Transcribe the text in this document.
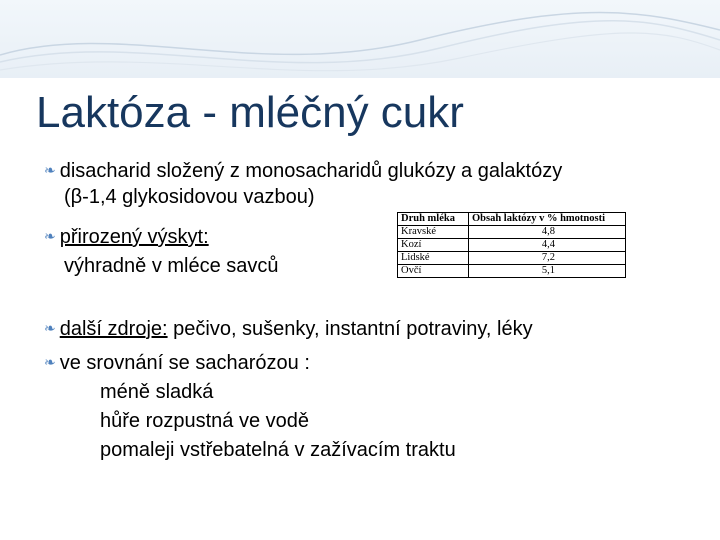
Laktóza - mléčný cukr
❧ disacharid složený z monosacharidů glukózy a galaktózy
(β-1,4 glykosidovou vazbou)
❧ přirozený výskyt:
výhradně v mléce savců
Druh mléka	Obsah laktózy v % hmotnosti
Kravské	4,8
Kozí	4,4
Lidské	7,2
Ovčí	5,1
❧ další zdroje: pečivo, sušenky, instantní potraviny, léky
❧ ve srovnání se sacharózou :
méně sladká
hůře rozpustná ve vodě
pomaleji vstřebatelná v zažívacím traktu
